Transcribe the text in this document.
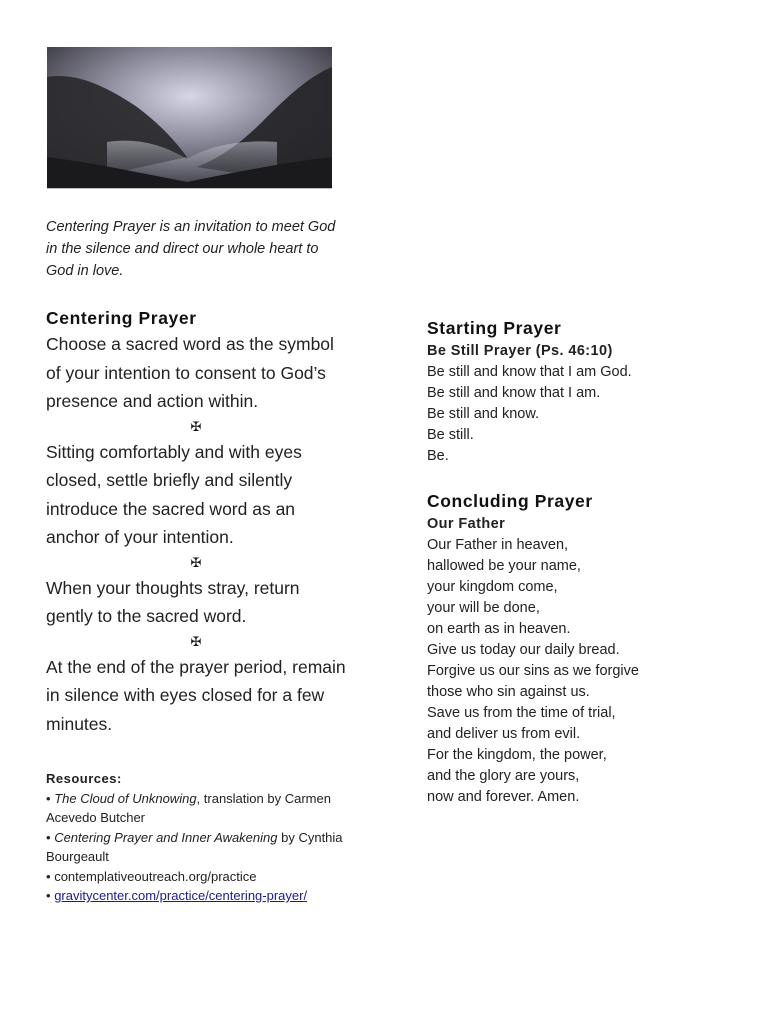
Centering Prayer is an invitation to meet God in the silence and direct our whole heart to God in love.
Centering Prayer

Choose a sacred word as the symbol of your intention to consent to God’s presence and action within.

✠

Sitting comfortably and with eyes closed, settle briefly and silently introduce the sacred word as an anchor of your intention.

✠

When your thoughts stray, return gently to the sacred word.

✠

At the end of the prayer period, remain in silence with eyes closed for a few minutes.

Resources:
• The Cloud of Unknowing, translation by Carmen Acevedo Butcher
• Centering Prayer and Inner Awakening by Cynthia Bourgeault
• contemplativeoutreach.org/practice
• gravitycenter.com/practice/centering-prayer/
Starting Prayer
Be Still Prayer (Ps. 46:10)

Be still and know that I am God.

Be still and know that I am.

Be still and know.

Be still.

Be.

Concluding Prayer
Our Father

Our Father in heaven,

hallowed be your name,

your kingdom come,

your will be done,

on earth as in heaven.

Give us today our daily bread.

Forgive us our sins as we forgive

those who sin against us.

Save us from the time of trial,

and deliver us from evil.

For the kingdom, the power,

and the glory are yours,

now and forever. Amen.
